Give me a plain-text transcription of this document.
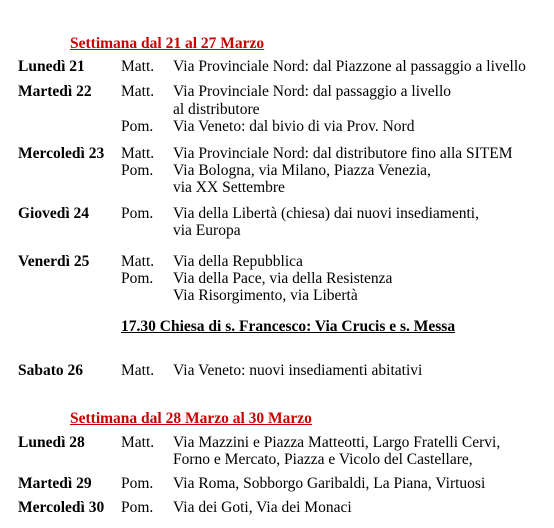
Settimana dal 21 al 27 Marzo
Lunedì 21 Matt. Via Provinciale Nord: dal Piazzone al passaggio a livello
Martedì 22 Matt. Via Provinciale Nord: dal passaggio a livello
al distributore
Pom. Via Veneto: dal bivio di via Prov. Nord
Mercoledì 23 Matt. Via Provinciale Nord: dal distributore fino alla SITEM
Pom. Via Bologna, via Milano, Piazza Venezia,
via XX Settembre
Giovedì 24 Pom. Via della Libertà (chiesa) dai nuovi insediamenti,
via Europa
Venerdì 25 Matt. Via della Repubblica
Pom. Via della Pace, via della Resistenza
Via Risorgimento, via Libertà
17.30 Chiesa di s. Francesco: Via Crucis e s. Messa
Sabato 26 Matt. Via Veneto: nuovi insediamenti abitativi
Settimana dal 28 Marzo al 30 Marzo
Lunedì 28 Matt. Via Mazzini e Piazza Matteotti, Largo Fratelli Cervi,
Forno e Mercato, Piazza e Vicolo del Castellare,
Martedì 29 Pom. Via Roma, Sobborgo Garibaldi, La Piana, Virtuosi
Mercoledì 30 Pom. Via dei Goti, Via dei Monaci
